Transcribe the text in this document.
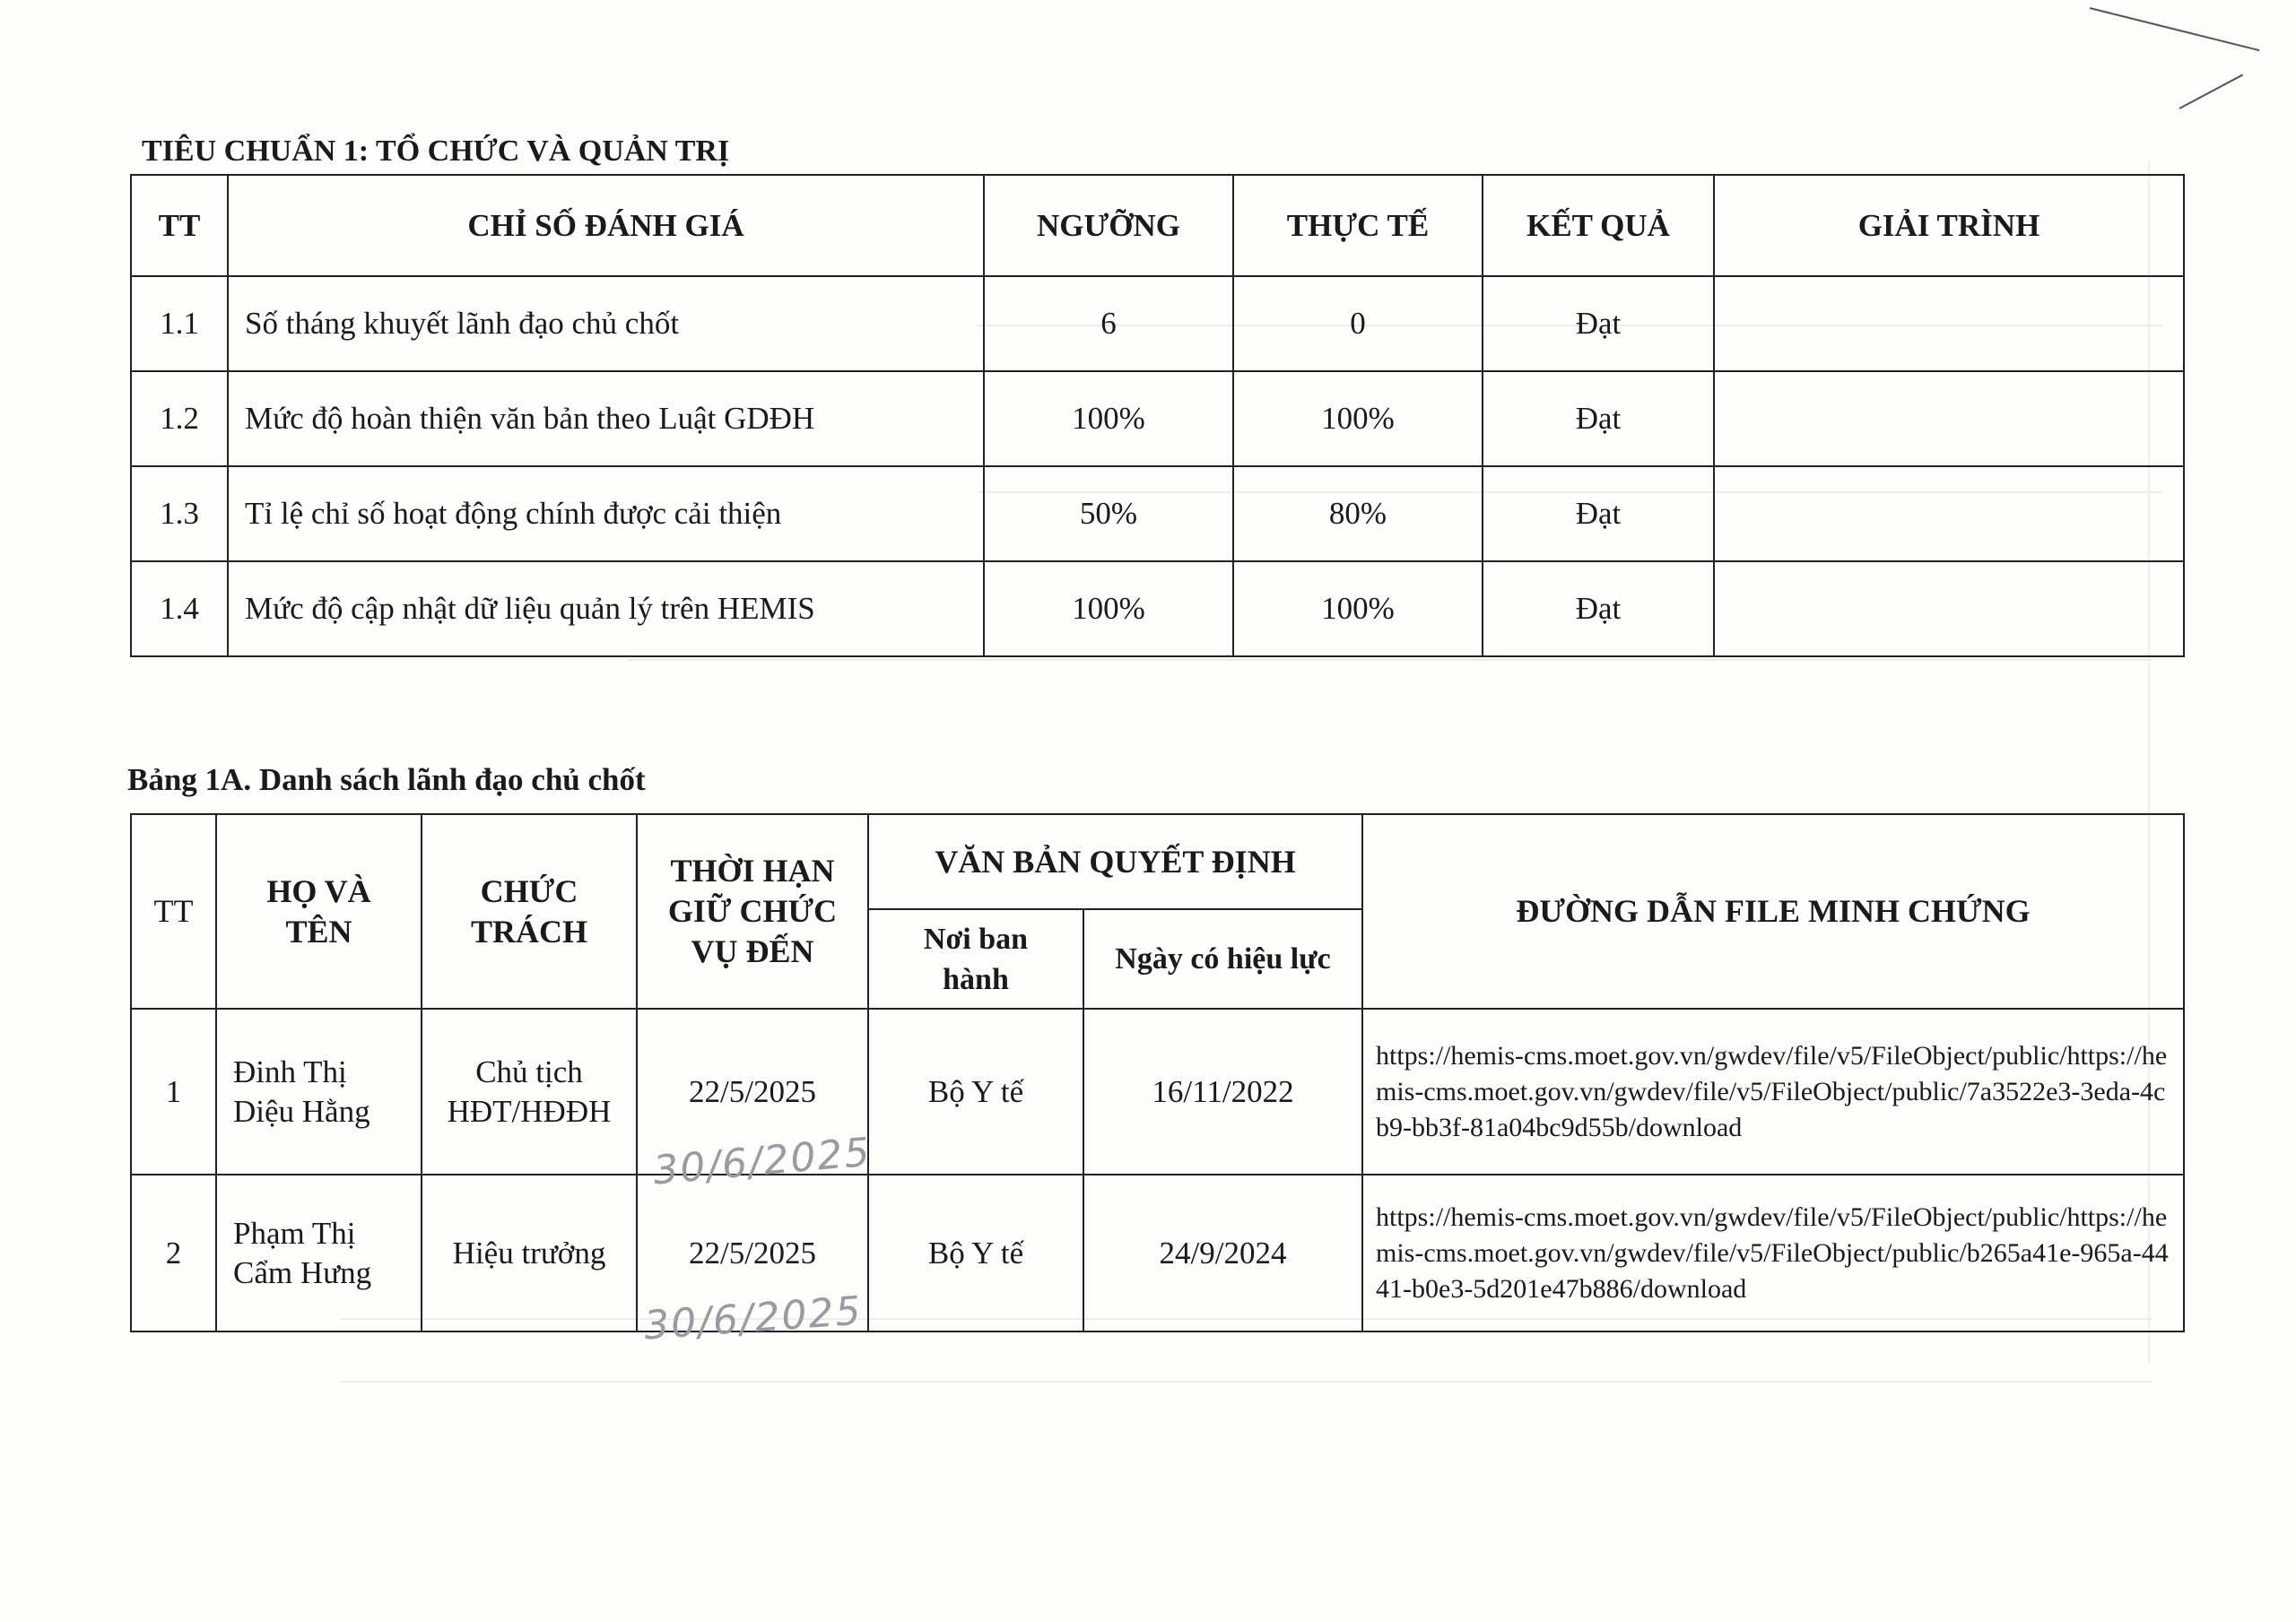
TIÊU CHUẨN 1: TỔ CHỨC VÀ QUẢN TRỊ
TT	CHỈ SỐ ĐÁNH GIÁ	NGƯỠNG	THỰC TẾ	KẾT QUẢ	GIẢI TRÌNH
1.1	Số tháng khuyết lãnh đạo chủ chốt	6	0	Đạt	
1.2	Mức độ hoàn thiện văn bản theo Luật GDĐH	100%	100%	Đạt	
1.3	Tỉ lệ chỉ số hoạt động chính được cải thiện	50%	80%	Đạt	
1.4	Mức độ cập nhật dữ liệu quản lý trên HEMIS	100%	100%	Đạt	
Bảng 1A. Danh sách lãnh đạo chủ chốt
TT	HỌ VÀ TÊN	CHỨC TRÁCH	THỜI HẠN GIỮ CHỨC VỤ ĐẾN	VĂN BẢN QUYẾT ĐỊNH		ĐƯỜNG DẪN FILE MINH CHỨNG
				Nơi ban hành	Ngày có hiệu lực	
1	Đinh Thị Diệu Hằng	Chủ tịch HĐT/HĐĐH	22/5/2025	Bộ Y tế	16/11/2022	https://hemis-cms.moet.gov.vn/gwdev/file/v5/FileObject/public/https://hemis-cms.moet.gov.vn/gwdev/file/v5/FileObject/public/7a3522e3-3eda-4cb9-bb3f-81a04bc9d55b/download
2	Phạm Thị Cẩm Hưng	Hiệu trưởng	22/5/2025	Bộ Y tế	24/9/2024	https://hemis-cms.moet.gov.vn/gwdev/file/v5/FileObject/public/https://hemis-cms.moet.gov.vn/gwdev/file/v5/FileObject/public/b265a41e-965a-4441-b0e3-5d201e47b886/download
30/6/2025
30/6/2025
